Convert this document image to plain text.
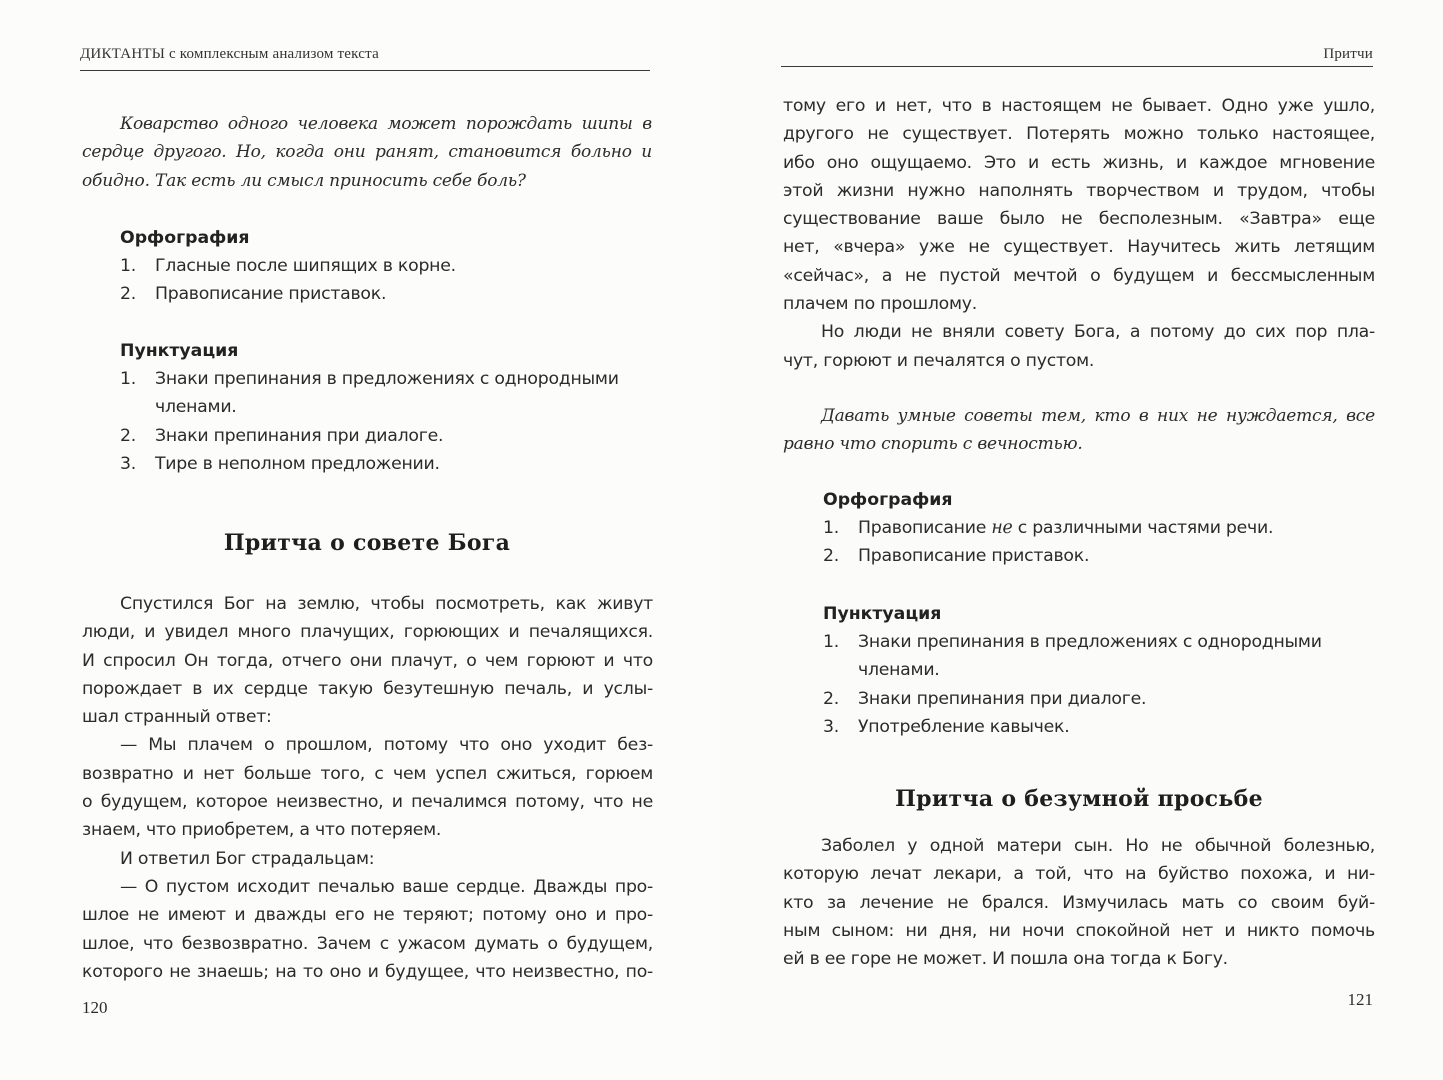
ДИКТАНТЫ с комплексным анализом текста
Коварство одного человека может порождать шипы в
сердце другого. Но, когда они ранят, становится больно и
обидно. Так есть ли смысл приносить себе боль?
Орфография
1.	Гласные после шипящих в корне.
2.	Правописание приставок.
Пунктуация
1.	Знаки препинания в предложениях с однородными
членами.
2.	Знаки препинания при диалоге.
3.	Тире в неполном предложении.
Притча о совете Бога
Спустился Бог на землю, чтобы посмотреть, как живут
люди, и увидел много плачущих, горюющих и печалящихся.
И спросил Он тогда, отчего они плачут, о чем горюют и что
порождает в их сердце такую безутешную печаль, и услы-
шал странный ответ:
— Мы плачем о прошлом, потому что оно уходит без-
возвратно и нет больше того, с чем успел сжиться, горюем
о будущем, которое неизвестно, и печалимся потому, что не
знаем, что приобретем, а что потеряем.
И ответил Бог страдальцам:
— О пустом исходит печалью ваше сердце. Дважды про-
шлое не имеют и дважды его не теряют; потому оно и про-
шлое, что безвозвратно. Зачем с ужасом думать о будущем,
которого не знаешь; на то оно и будущее, что неизвестно, по-
120
Притчи
тому его и нет, что в настоящем не бывает. Одно уже ушло,
другого не существует. Потерять можно только настоящее,
ибо оно ощущаемо. Это и есть жизнь, и каждое мгновение
этой жизни нужно наполнять творчеством и трудом, чтобы
существование ваше было не бесполезным. «Завтра» еще
нет, «вчера» уже не существует. Научитесь жить летящим
«сейчас», а не пустой мечтой о будущем и бессмысленным
плачем по прошлому.
Но люди не вняли совету Бога, а потому до сих пор пла-
чут, горюют и печалятся о пустом.
Давать умные советы тем, кто в них не нуждается, все
равно что спорить с вечностью.
Орфография
1.	Правописание не с различными частями речи.
2.	Правописание приставок.
Пунктуация
1.	Знаки препинания в предложениях с однородными
членами.
2.	Знаки препинания при диалоге.
3.	Употребление кавычек.
Притча о безумной просьбе
Заболел у одной матери сын. Но не обычной болезнью,
которую лечат лекари, а той, что на буйство похожа, и ни-
кто за лечение не брался. Измучилась мать со своим буй-
ным сыном: ни дня, ни ночи спокойной нет и никто помочь
ей в ее горе не может. И пошла она тогда к Богу.
121
